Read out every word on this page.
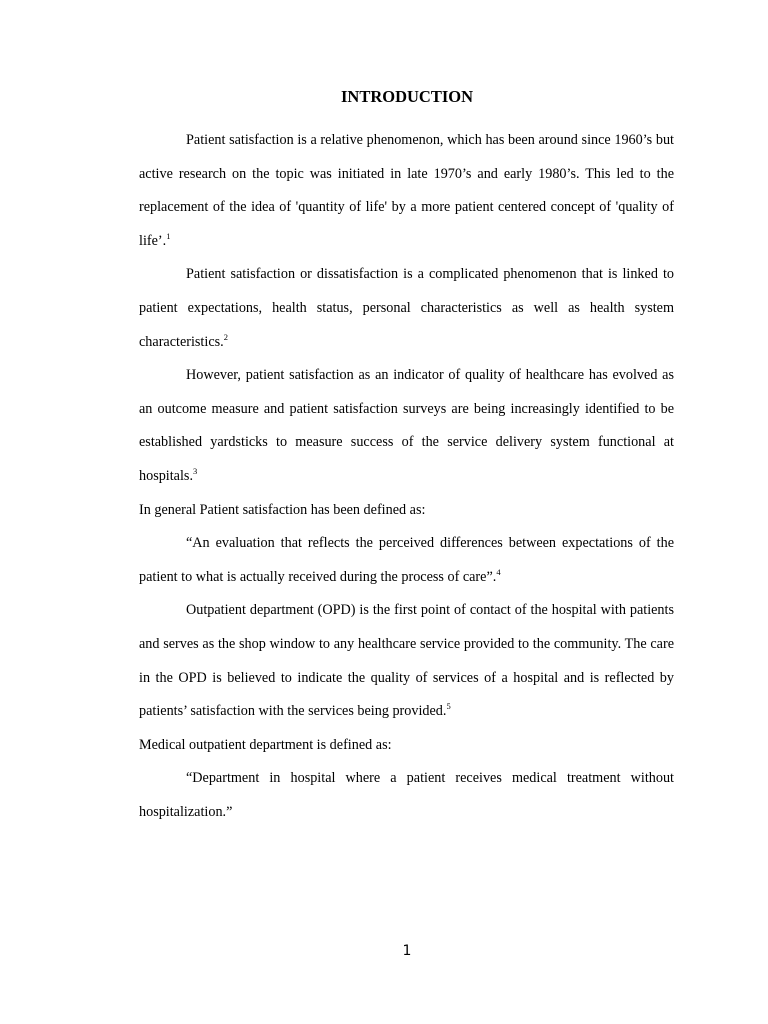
INTRODUCTION

Patient satisfaction is a relative phenomenon, which has been around since 1960’s but active research on the topic was initiated in late 1970’s and early 1980’s. This led to the replacement of the idea of 'quantity of life' by a more patient centered concept of 'quality of life’.$^1$

Patient satisfaction or dissatisfaction is a complicated phenomenon that is linked to patient expectations, health status, personal characteristics as well as health system characteristics.$^2$

However, patient satisfaction as an indicator of quality of healthcare has evolved as an outcome measure and patient satisfaction surveys are being increasingly identified to be established yardsticks to measure success of the service delivery system functional at hospitals.$^3$

In general Patient satisfaction has been defined as:

“An evaluation that reflects the perceived differences between expectations of the patient to what is actually received during the process of care”.$^4$

Outpatient department (OPD) is the first point of contact of the hospital with patients and serves as the shop window to any healthcare service provided to the community. The care in the OPD is believed to indicate the quality of services of a hospital and is reflected by patients’ satisfaction with the services being provided.$^5$

Medical outpatient department is defined as:

“Department in hospital where a patient receives medical treatment without hospitalization.”

1
